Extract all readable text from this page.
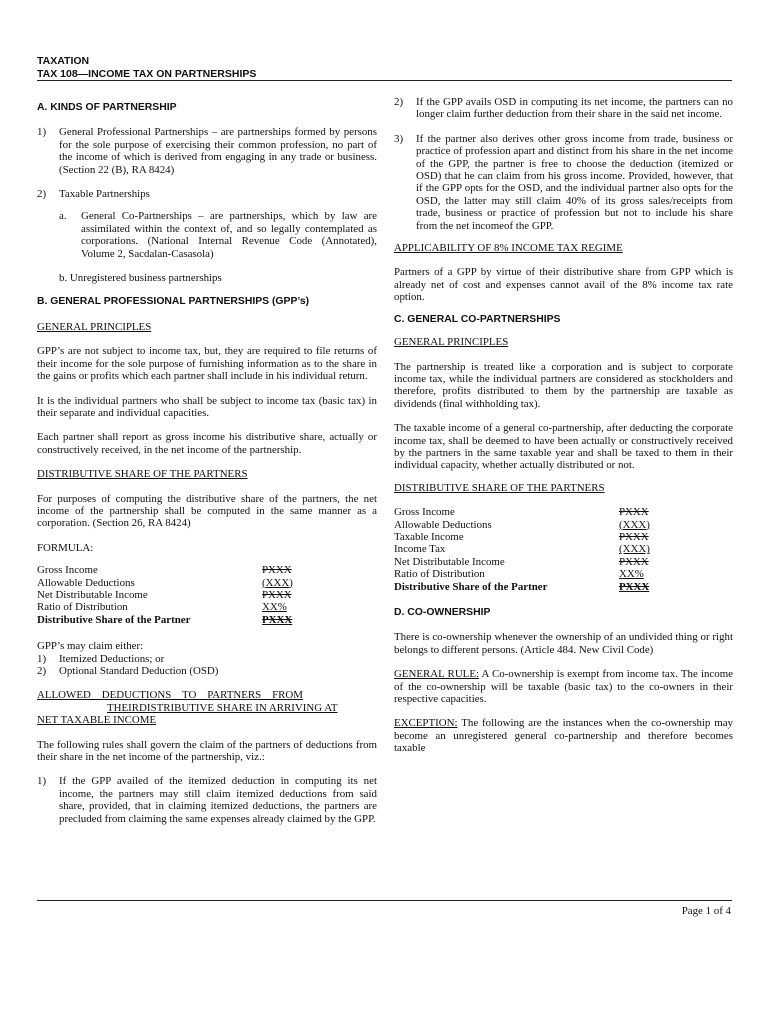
TAXATION
TAX 108—INCOME TAX ON PARTNERSHIPS

A. KINDS OF PARTNERSHIP

1)	General Professional Partnerships – are partnerships formed by persons for the sole purpose of exercising their common profession, no part of the income of which is derived from engaging in any trade or business. (Section 22 (B), RA 8424)
2)	Taxable Partnerships
a.	General Co-Partnerships – are partnerships, which by law are assimilated within the context of, and so legally contemplated as corporations. (National Internal Revenue Code (Annotated), Volume 2, Sacdalan-Casasola)

b. Unregistered business partnerships

B. GENERAL PROFESSIONAL PARTNERSHIPS (GPP’s)

GENERAL PRINCIPLES

GPP’s are not subject to income tax, but, they are required to file returns of their income for the sole purpose of furnishing information as to the share in the gains or profits which each partner shall include in his individual return.

It is the individual partners who shall be subject to income tax (basic tax) in their separate and individual capacities.

Each partner shall report as gross income his distributive share, actually or constructively received, in the net income of the partnership.

DISTRIBUTIVE SHARE OF THE PARTNERS

For purposes of computing the distributive share of the partners, the net income of the partnership shall be computed in the same manner as a corporation. (Section 26, RA 8424)

FORMULA:

Gross Income	PXXX
Allowable Deductions	(XXX)
Net Distributable Income	PXXX
Ratio of Distribution	XX%
Distributive Share of the Partner	PXXX

GPP’s may claim either:

1)	Itemized Deductions; or
2)	Optional Standard Deduction (OSD)

ALLOWED    DEDUCTIONS    TO    PARTNERS    FROM

THEIRDISTRIBUTIVE SHARE IN ARRIVING AT

NET TAXABLE INCOME

The following rules shall govern the claim of the partners of deductions from their share in the net income of the partnership, viz.:

1)	If the GPP availed of the itemized deduction in computing its net income, the partners may still claim itemized deductions from said share, provided, that in claiming itemized deductions, the partners are precluded from claiming the same expenses already claimed by the GPP.
2)	If the GPP avails OSD in computing its net income, the partners can no longer claim further deduction from their share in the said net income.
3)	If the partner also derives other gross income from trade, business or practice of profession apart and distinct from his share in the net income of the GPP, the partner is free to choose the deduction (itemized or OSD) that he can claim from his gross income. Provided, however, that if the GPP opts for the OSD, and the individual partner also opts for the OSD, the latter may still claim 40% of its gross sales/receipts from trade, business or practice of profession but not to include his share from the net incomeof the GPP.

APPLICABILITY OF 8% INCOME TAX REGIME

Partners of a GPP by virtue of their distributive share from GPP which is already net of cost and expenses cannot avail of the 8% income tax rate option.

C. GENERAL CO-PARTNERSHIPS

GENERAL PRINCIPLES

The partnership is treated like a corporation and is subject to corporate income tax, while the individual partners are considered as stockholders and therefore, profits distributed to them by the partnership are taxable as dividends (final withholding tax).

The taxable income of a general co-partnership, after deducting the corporate income tax, shall be deemed to have been actually or constructively received by the partners in the same taxable year and shall be taxed to them in their individual capacity, whether actually distributed or not.

DISTRIBUTIVE SHARE OF THE PARTNERS

Gross Income	PXXX
Allowable Deductions	(XXX)
Taxable Income	PXXX
Income Tax	(XXX)
Net Distributable Income	PXXX
Ratio of Distribution	XX%
Distributive Share of the Partner	PXXX

D. CO-OWNERSHIP

There is co-ownership whenever the ownership of an undivided thing or right belongs to different persons. (Article 484. New Civil Code)

GENERAL RULE: A Co-ownership is exempt from income tax. The income of the co-ownership will be taxable (basic tax) to the co-owners in their respective capacities.

EXCEPTION: The following are the instances when the co-ownership may become an unregistered general co-partnership and therefore becomes taxable

Page 1 of 4
